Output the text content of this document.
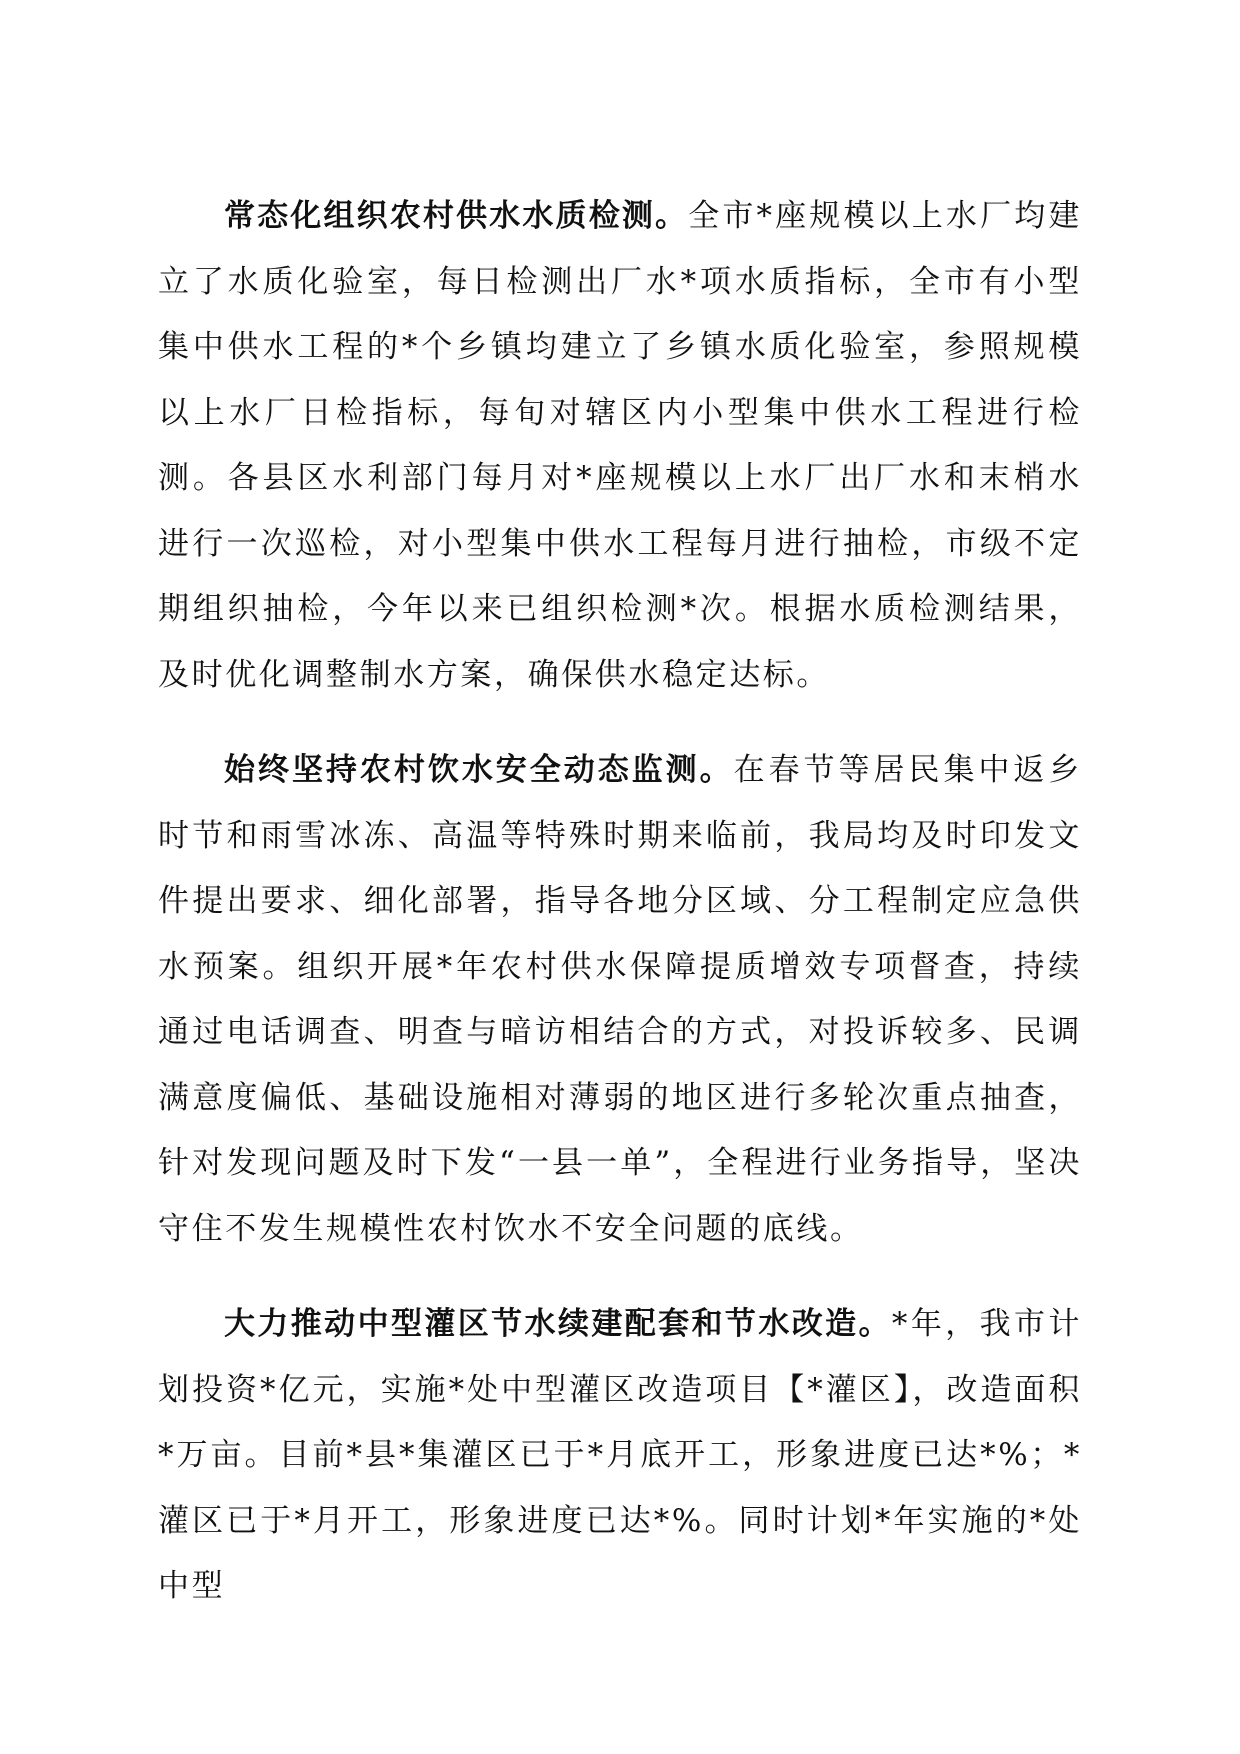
常态化组织农村供水水质检测。全市*座规模以上水厂均建立了水质化验室，每日检测出厂水*项水质指标，全市有小型集中供水工程的*个乡镇均建立了乡镇水质化验室，参照规模以上水厂日检指标，每旬对辖区内小型集中供水工程进行检测。各县区水利部门每月对*座规模以上水厂出厂水和末梢水进行一次巡检，对小型集中供水工程每月进行抽检，市级不定期组织抽检，今年以来已组织检测*次。根据水质检测结果，及时优化调整制水方案，确保供水稳定达标。

始终坚持农村饮水安全动态监测。在春节等居民集中返乡时节和雨雪冰冻、高温等特殊时期来临前，我局均及时印发文件提出要求、细化部署，指导各地分区域、分工程制定应急供水预案。组织开展*年农村供水保障提质增效专项督查，持续通过电话调查、明查与暗访相结合的方式，对投诉较多、民调满意度偏低、基础设施相对薄弱的地区进行多轮次重点抽查，针对发现问题及时下发“一县一单”，全程进行业务指导，坚决守住不发生规模性农村饮水不安全问题的底线。

大力推动中型灌区节水续建配套和节水改造。*年，我市计划投资*亿元，实施*处中型灌区改造项目【*灌区】，改造面积*万亩。目前*县*集灌区已于*月底开工，形象进度已达*%；*灌区已于*月开工，形象进度已达*%。同时计划*年实施的*处中型
